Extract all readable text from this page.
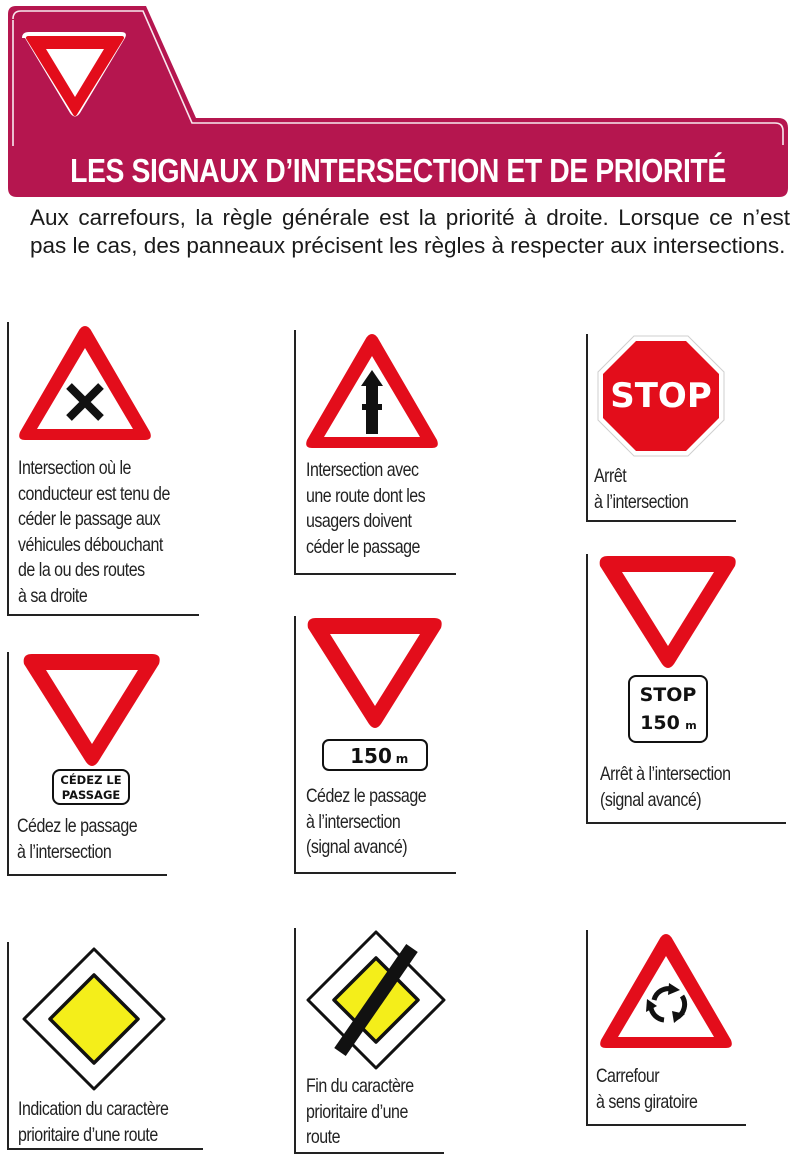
LES SIGNAUX D’INTERSECTION ET DE PRIORITÉ

Aux carrefours, la règle générale est la priorité à droite. Lorsque ce n’est pas le cas, des panneaux précisent les règles à respecter aux intersections.

Intersection où le
conducteur est tenu de
céder le passage aux
véhicules débouchant
de la ou des routes
à sa droite

Intersection avec
une route dont les
usagers doivent
céder le passage

STOP

Arrêt
à l’intersection

CÉDEZ LE
PASSAGE

Cédez le passage
à l’intersection

150 m

Cédez le passage
à l’intersection
(signal avancé)

STOP
150 m

Arrêt à l’intersection
(signal avancé)

Indication du caractère
prioritaire d’une route

Fin du caractère
prioritaire d’une
route

Carrefour
à sens giratoire
